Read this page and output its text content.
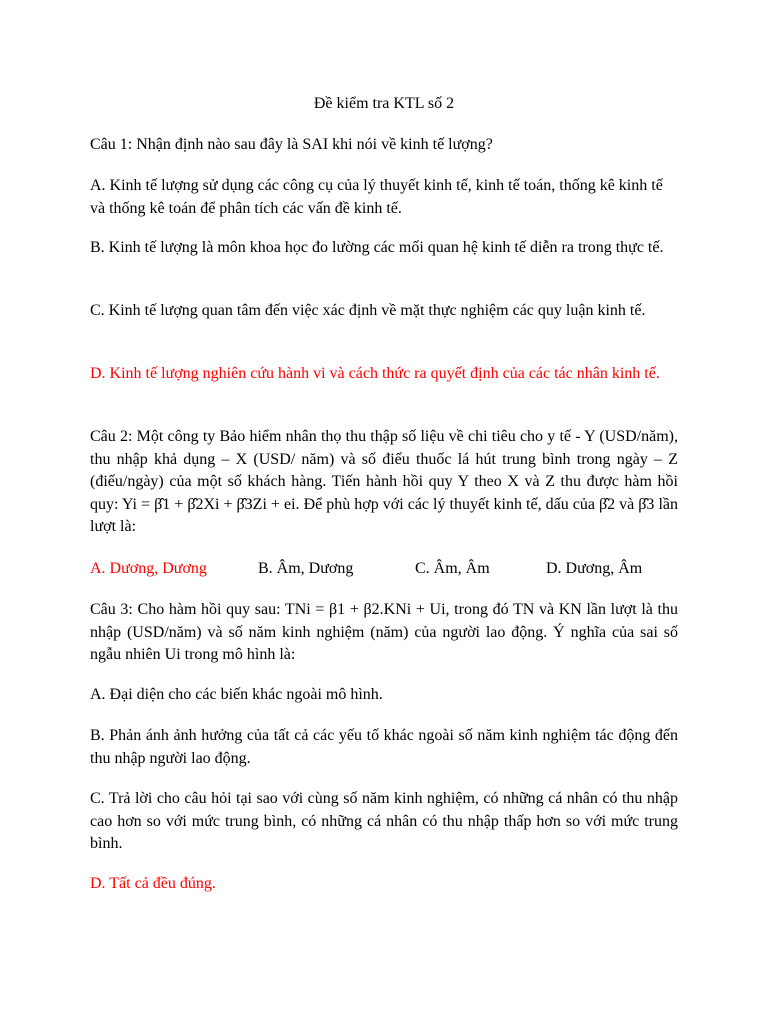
Đề kiểm tra KTL số 2
Câu 1: Nhận định nào sau đây là SAI khi nói về kinh tế lượng?
A. Kinh tế lượng sử dụng các công cụ của lý thuyết kinh tế, kinh tế toán, thống kê kinh tế và thống kê toán để phân tích các vấn đề kinh tế.
B. Kinh tế lượng là môn khoa học đo lường các mối quan hệ kinh tế diễn ra trong thực tế.
C. Kinh tế lượng quan tâm đến việc xác định về mặt thực nghiệm các quy luận kinh tế.
D. Kinh tế lượng nghiên cứu hành vi và cách thức ra quyết định của các tác nhân kinh tế.
Câu 2: Một công ty Bảo hiểm nhân thọ thu thập số liệu về chi tiêu cho y tế - Y (USD/năm), thu nhập khả dụng – X (USD/ năm) và số điếu thuốc lá hút trung bình trong ngày – Z (điếu/ngày) của một số khách hàng. Tiến hành hồi quy Y theo X và Z thu được hàm hồi quy: Yi = β̂1 + β̂2Xi + β̂3Zi + ei. Để phù hợp với các lý thuyết kinh tế, dấu của β̂2 và β̂3 lần lượt là:
A. Dương, Dương	B. Âm, Dương	C. Âm, Âm	D. Dương, Âm
Câu 3: Cho hàm hồi quy sau: TNi = β1 + β2.KNi + Ui, trong đó TN và KN lần lượt là thu nhập (USD/năm) và số năm kinh nghiệm (năm) của người lao động. Ý nghĩa của sai số ngẫu nhiên Ui trong mô hình là:
A. Đại diện cho các biến khác ngoài mô hình.
B. Phản ánh ảnh hưởng của tất cả các yếu tố khác ngoài số năm kinh nghiệm tác động đến thu nhập người lao động.
C. Trả lời cho câu hỏi tại sao với cùng số năm kinh nghiệm, có những cá nhân có thu nhập cao hơn so với mức trung bình, có những cá nhân có thu nhập thấp hơn so với mức trung bình.
D. Tất cả đều đúng.
